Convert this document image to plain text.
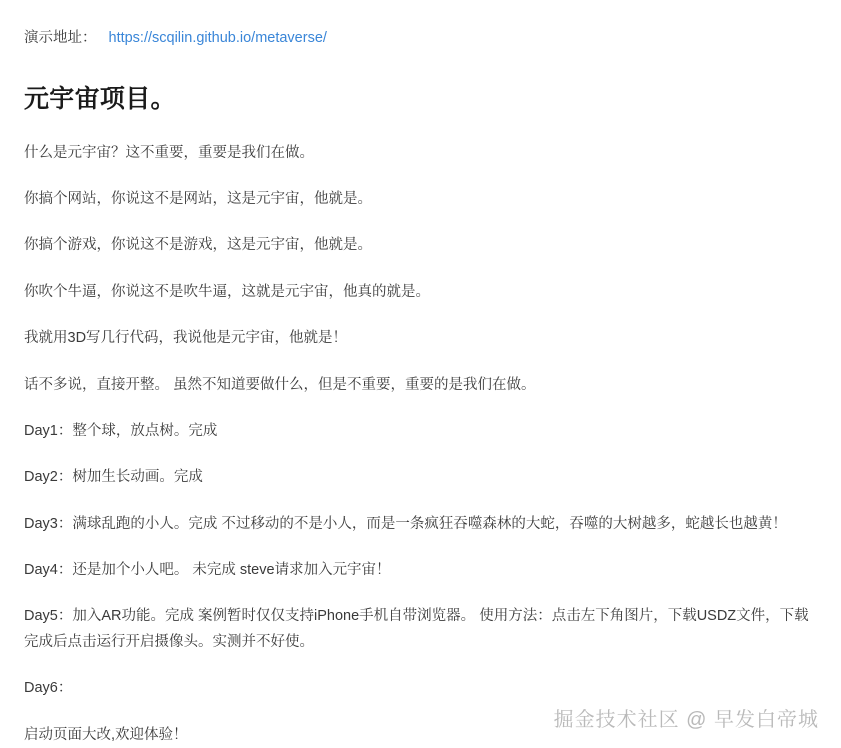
演示地址： https://scqilin.github.io/metaverse/
元宇宙项目。

什么是元宇宙？这不重要，重要是我们在做。

你搞个网站，你说这不是网站，这是元宇宙，他就是。

你搞个游戏，你说这不是游戏，这是元宇宙，他就是。

你吹个牛逼，你说这不是吹牛逼，这就是元宇宙，他真的就是。

我就用3D写几行代码，我说他是元宇宙，他就是！

话不多说，直接开整。 虽然不知道要做什么，但是不重要，重要的是我们在做。

Day1：整个球，放点树。完成

Day2：树加生长动画。完成

Day3：满球乱跑的小人。完成 不过移动的不是小人，而是一条疯狂吞噬森林的大蛇，吞噬的大树越多，蛇越长也越黄！

Day4：还是加个小人吧。 未完成 steve请求加入元宇宙！

Day5：加入AR功能。完成 案例暂时仅仅支持iPhone手机自带浏览器。 使用方法：点击左下角图片，下载USDZ文件，下载完成后点击运行开启摄像头。实测并不好使。

Day6：

启动页面大改,欢迎体验！

掘金技术社区 @ 早发白帝城
